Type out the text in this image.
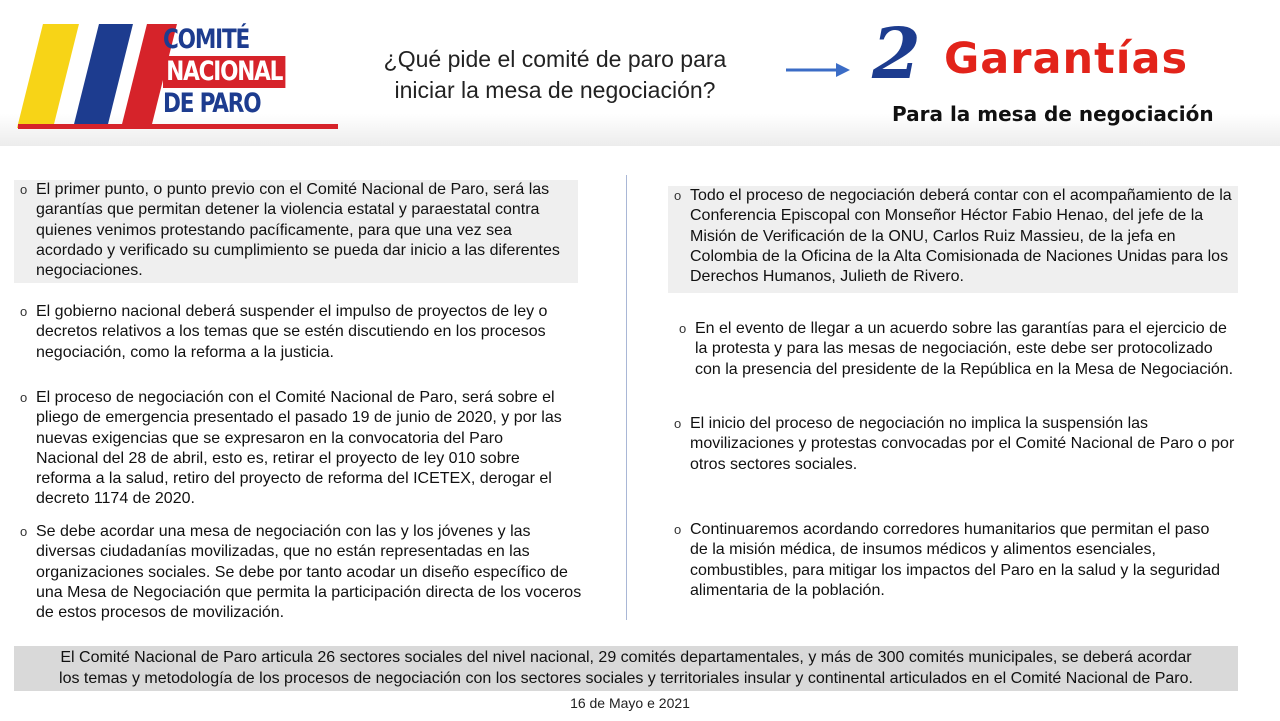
COMITÉ
NACIONAL
DE PARO
¿Qué pide el comité de paro para
iniciar la mesa de negociación?	2 Garantías
Para la mesa de negociación
o El primer punto, o punto previo con el Comité Nacional de Paro, será las garantías que permitan detener la violencia estatal y paraestatal contra quienes venimos protestando pacíficamente, para que una vez sea acordado y verificado su cumplimiento se pueda dar inicio a las diferentes negociaciones.
o El gobierno nacional deberá suspender el impulso de proyectos de ley o decretos relativos a los temas que se estén discutiendo en los procesos negociación, como la reforma a la justicia.
o El proceso de negociación con el Comité Nacional de Paro, será sobre el pliego de emergencia presentado el pasado 19 de junio de 2020, y por las nuevas exigencias que se expresaron en la convocatoria del Paro Nacional del 28 de abril, esto es, retirar el proyecto de ley 010 sobre reforma a la salud, retiro del proyecto de reforma del ICETEX, derogar el decreto 1174 de 2020.
o Se debe acordar una mesa de negociación con las y los jóvenes y las diversas ciudadanías movilizadas, que no están representadas en las organizaciones sociales. Se debe por tanto acodar un diseño específico de una Mesa de Negociación que permita la participación directa de los voceros de estos procesos de movilización.
o Todo el proceso de negociación deberá contar con el acompañamiento de la Conferencia Episcopal con Monseñor Héctor Fabio Henao, del jefe de la Misión de Verificación de la ONU, Carlos Ruiz Massieu, de la jefa en Colombia de la Oficina de la Alta Comisionada de Naciones Unidas para los Derechos Humanos, Julieth de Rivero.
o En el evento de llegar a un acuerdo sobre las garantías para el ejercicio de la protesta y para las mesas de negociación, este debe ser protocolizado con la presencia del presidente de la República en la Mesa de Negociación.
o El inicio del proceso de negociación no implica la suspensión las movilizaciones y protestas convocadas por el Comité Nacional de Paro o por otros sectores sociales.
o Continuaremos acordando corredores humanitarios que permitan el paso de la misión médica, de insumos médicos y alimentos esenciales, combustibles, para mitigar los impactos del Paro en la salud y la seguridad alimentaria de la población.
El Comité Nacional de Paro articula 26 sectores sociales del nivel nacional, 29 comités departamentales, y más de 300 comités municipales, se deberá acordar
los temas y metodología de los procesos de negociación con los sectores sociales y territoriales insular y continental articulados en el Comité Nacional de Paro.
16 de Mayo e 2021
